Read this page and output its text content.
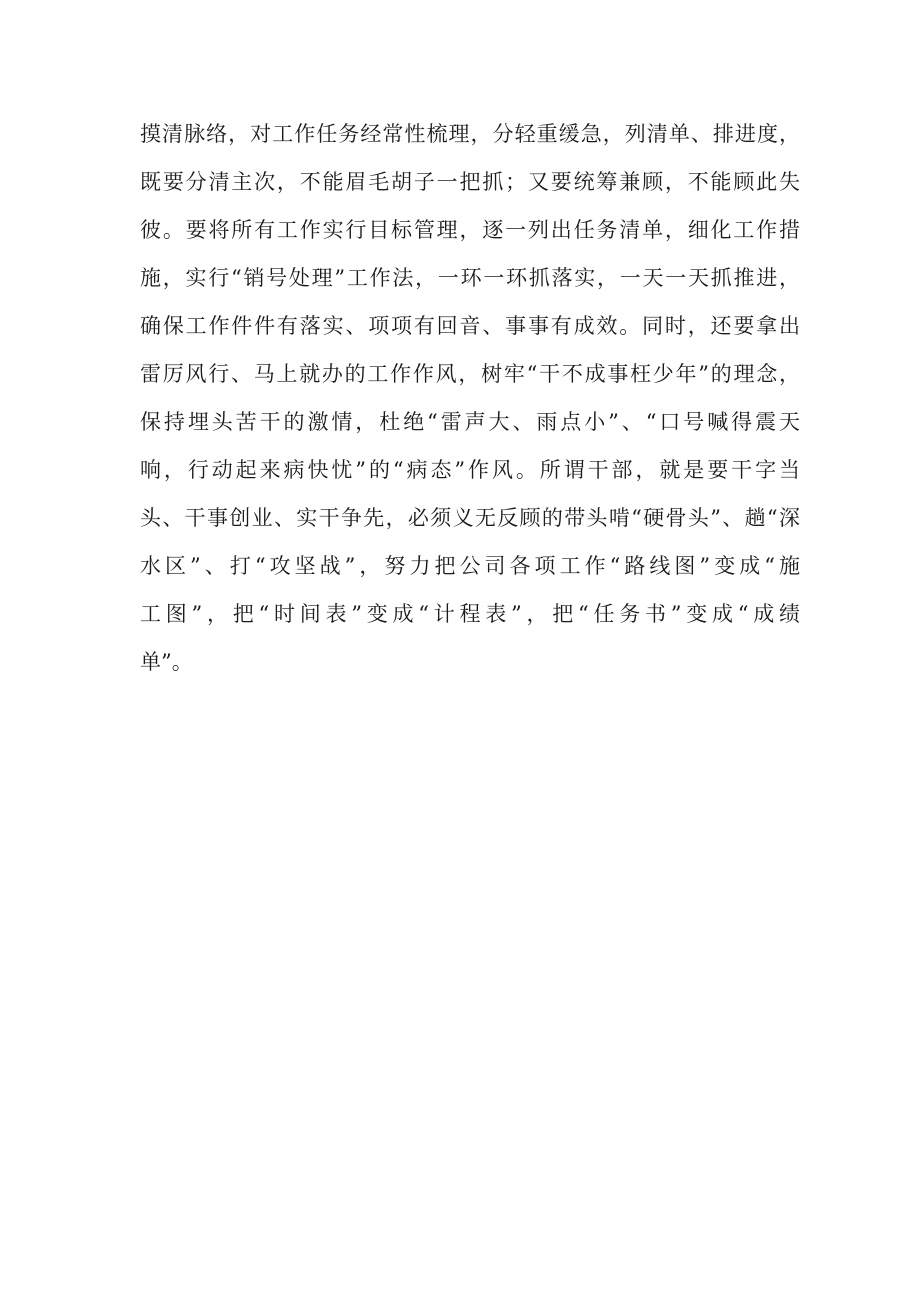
摸清脉络，对工作任务经常性梳理，分轻重缓急，列清单、排进度，
既要分清主次，不能眉毛胡子一把抓；又要统筹兼顾，不能顾此失
彼。要将所有工作实行目标管理，逐一列出任务清单，细化工作措
施，实行“销号处理”工作法，一环一环抓落实，一天一天抓推进，
确保工作件件有落实、项项有回音、事事有成效。同时，还要拿出
雷厉风行、马上就办的工作作风，树牢“干不成事枉少年”的理念，
保持埋头苦干的激情，杜绝“雷声大、雨点小”、“口号喊得震天
响，行动起来病快忧”的“病态”作风。所谓干部，就是要干字当
头、干事创业、实干争先，必须义无反顾的带头啃“硬骨头”、趟“深
水区”、打“攻坚战”，努力把公司各项工作“路线图”变成“施
工图”，把“时间表”变成“计程表”，把“任务书”变成“成绩
单”。
